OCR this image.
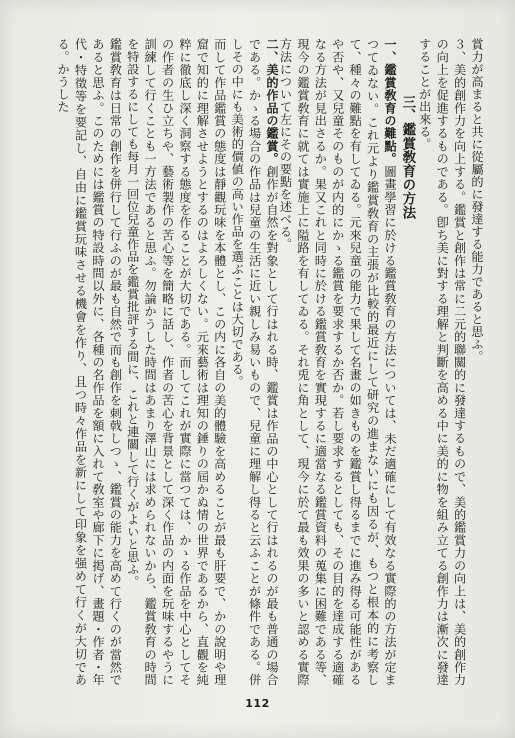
賞力が高まると共に從屬的に發達する能力であると思ふ。

３、美的創作力を向上する。鑑賞と創作は常に二元的聯關的に發達するもので、美的鑑賞力の向上は、美的創作力の向上を促進するものである。卽ち美に對する理解と判斷を高める中に美的に物を組み立てる創作力は漸次に發達することが出來る。

三、鑑賞敎育の方法

一、鑑賞敎育の難點。圖畫學習に於ける鑑賞敎育の方法については、未だ適確にして有效なる實際的の方法が定まつてゐない。これ元より鑑賞敎育の主張が比較的最近にして研究の進まないにも因るが、もつと根本的に考察して、種々の難點を有してゐる。元來兒童の能力で果して名畫の如きものを鑑賞し得るまでに進み得る可能性があるや否や、又兒童そのものが内的にかゝる鑑賞を要求するか否か。若し要求するとしても、その目的を達成する適確なる方法が見出さるか。果又これと同時に於ける鑑賞敎育を實現するに適當なる鑑賞資料の蒐集に困難である等、現今の鑑賞敎育に就ては實施上に隘路を有してゐる。それ兎に角として、現今に於て最も效果の多いと認める實際方法について左にその要點を述べる。

二、美的作品の鑑賞。創作が自然を對象として行はれる時、鑑賞は作品の中心として行はれるのが最も普通の場合である。かゝる場合の作品は兒童の生活に近い親しみ易いもので、兒童に理解し得ると云ふことが條件である。併しその中にも美術的價値の高い作品を選ぶことは大切である。

而して作品鑑賞の態度は靜觀玩味を本體とし、この内に各自の美的體驗を高めることが最も肝要で、かの說明や理窟で知的に理解させようとするのはよろしくない。元來藝術は理知の錘りの屆かぬ情の世界であるから、直觀を純粹に徹底し深く洞察する態度を作ることが大切である。而してこれが實際に當つては、かゝる作品を中心としてその作者の生ひ立ちや、藝術製作の苦心等を簡略に話し、作者の苦心を背景として深く作品の内面を玩味するやうに訓練して行くことも一方法であると思ふ。勿論かうした時間はあまり澤山には求められないから、鑑賞敎育の時間を特設するにしても每月一回位兒童作品を鑑賞批評する間に、これと連關して行くがよいと思ふ。

鑑賞敎育は日常の創作を併行して行ふのが最も自然で而も創作を刺戟しつゝ、鑑賞の能力を高めて行くのが當然であると思ふ。このためには鑑賞の特設時間以外に、各種の名作品を額に入れて敎室や廊下に掲げ、畫題・作者・年代・特徵等を要記し、自由に鑑賞玩味させる機會を作り、且つ時々作品を新にして印象を强めて行くが大切である。かうした

112
